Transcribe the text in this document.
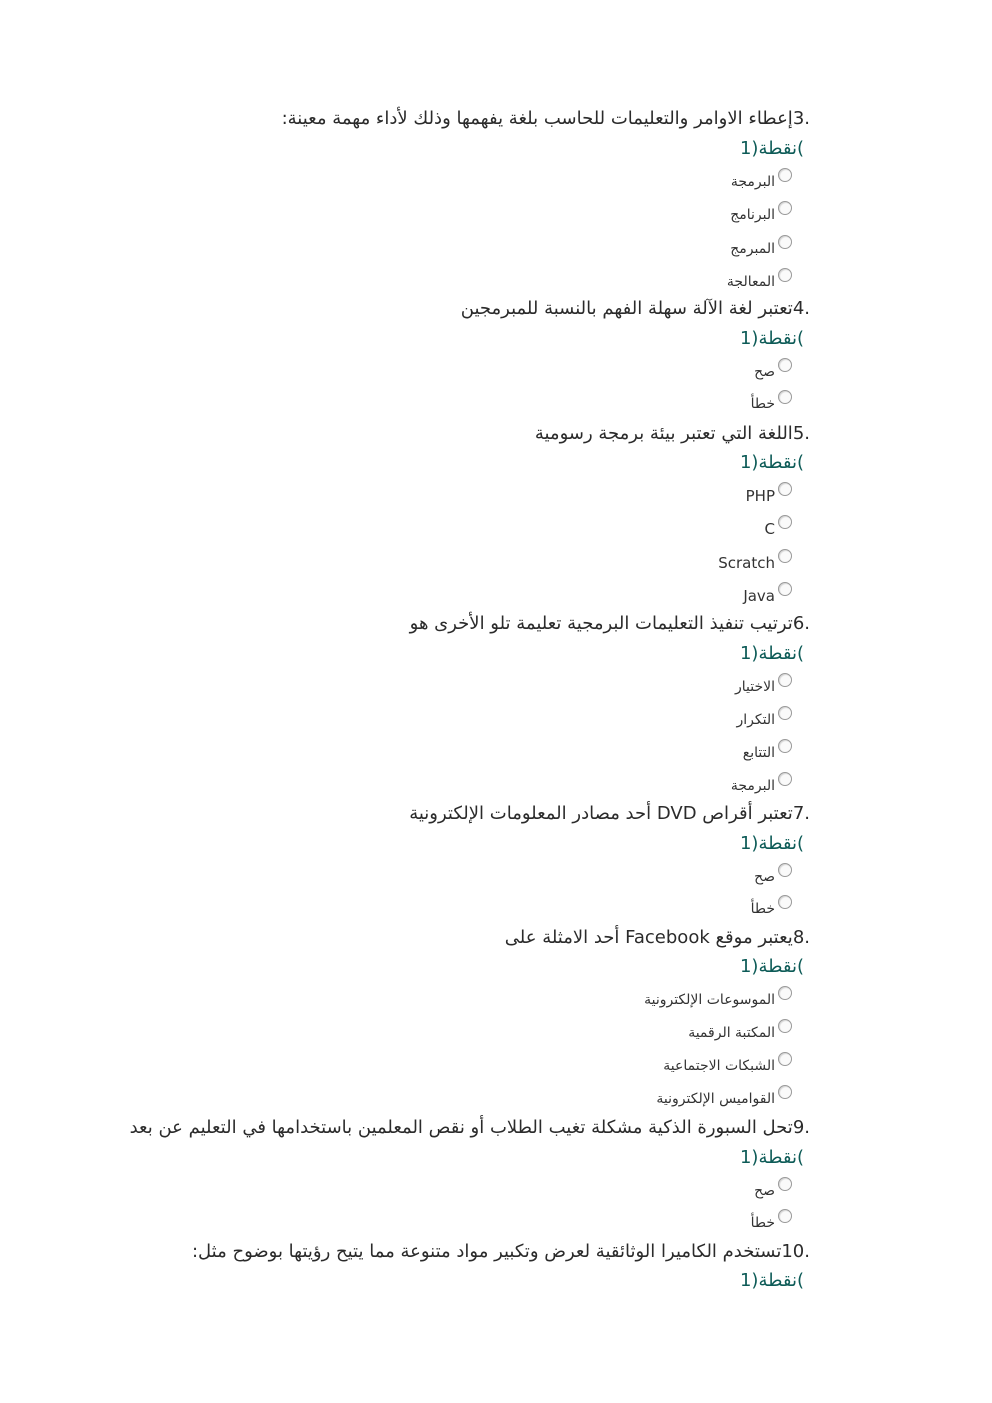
.3إعطاء الاوامر والتعليمات للحاسب بلغة يفهمها وذلك لأداء مهمة معينة:
1)نقطة(
البرمجة
البرنامج
المبرمج
المعالجة
.4تعتبر لغة الآلة سهلة الفهم بالنسبة للمبرمجين
1)نقطة(
صح
خطأ
.5اللغة التي تعتبر بيئة برمجة رسومية
1)نقطة(
PHP
C
Scratch
Java
.6ترتيب تنفيذ التعليمات البرمجية تعليمة تلو الأخرى هو
1)نقطة(
الاختيار
التكرار
التتابع
البرمجة
.7تعتبر أقراص DVD أحد مصادر المعلومات الإلكترونية
1)نقطة(
صح
خطأ
.8يعتبر موقع Facebook أحد الامثلة على
1)نقطة(
الموسوعات الإلكترونية
المكتبة الرقمية
الشبكات الاجتماعية
القواميس الإلكترونية
.9تحل السبورة الذكية مشكلة تغيب الطلاب أو نقص المعلمين باستخدامها في التعليم عن بعد
1)نقطة(
صح
خطأ
.10تستخدم الكاميرا الوثائقية لعرض وتكبير مواد متنوعة مما يتيح رؤيتها بوضوح مثل:
1)نقطة(
